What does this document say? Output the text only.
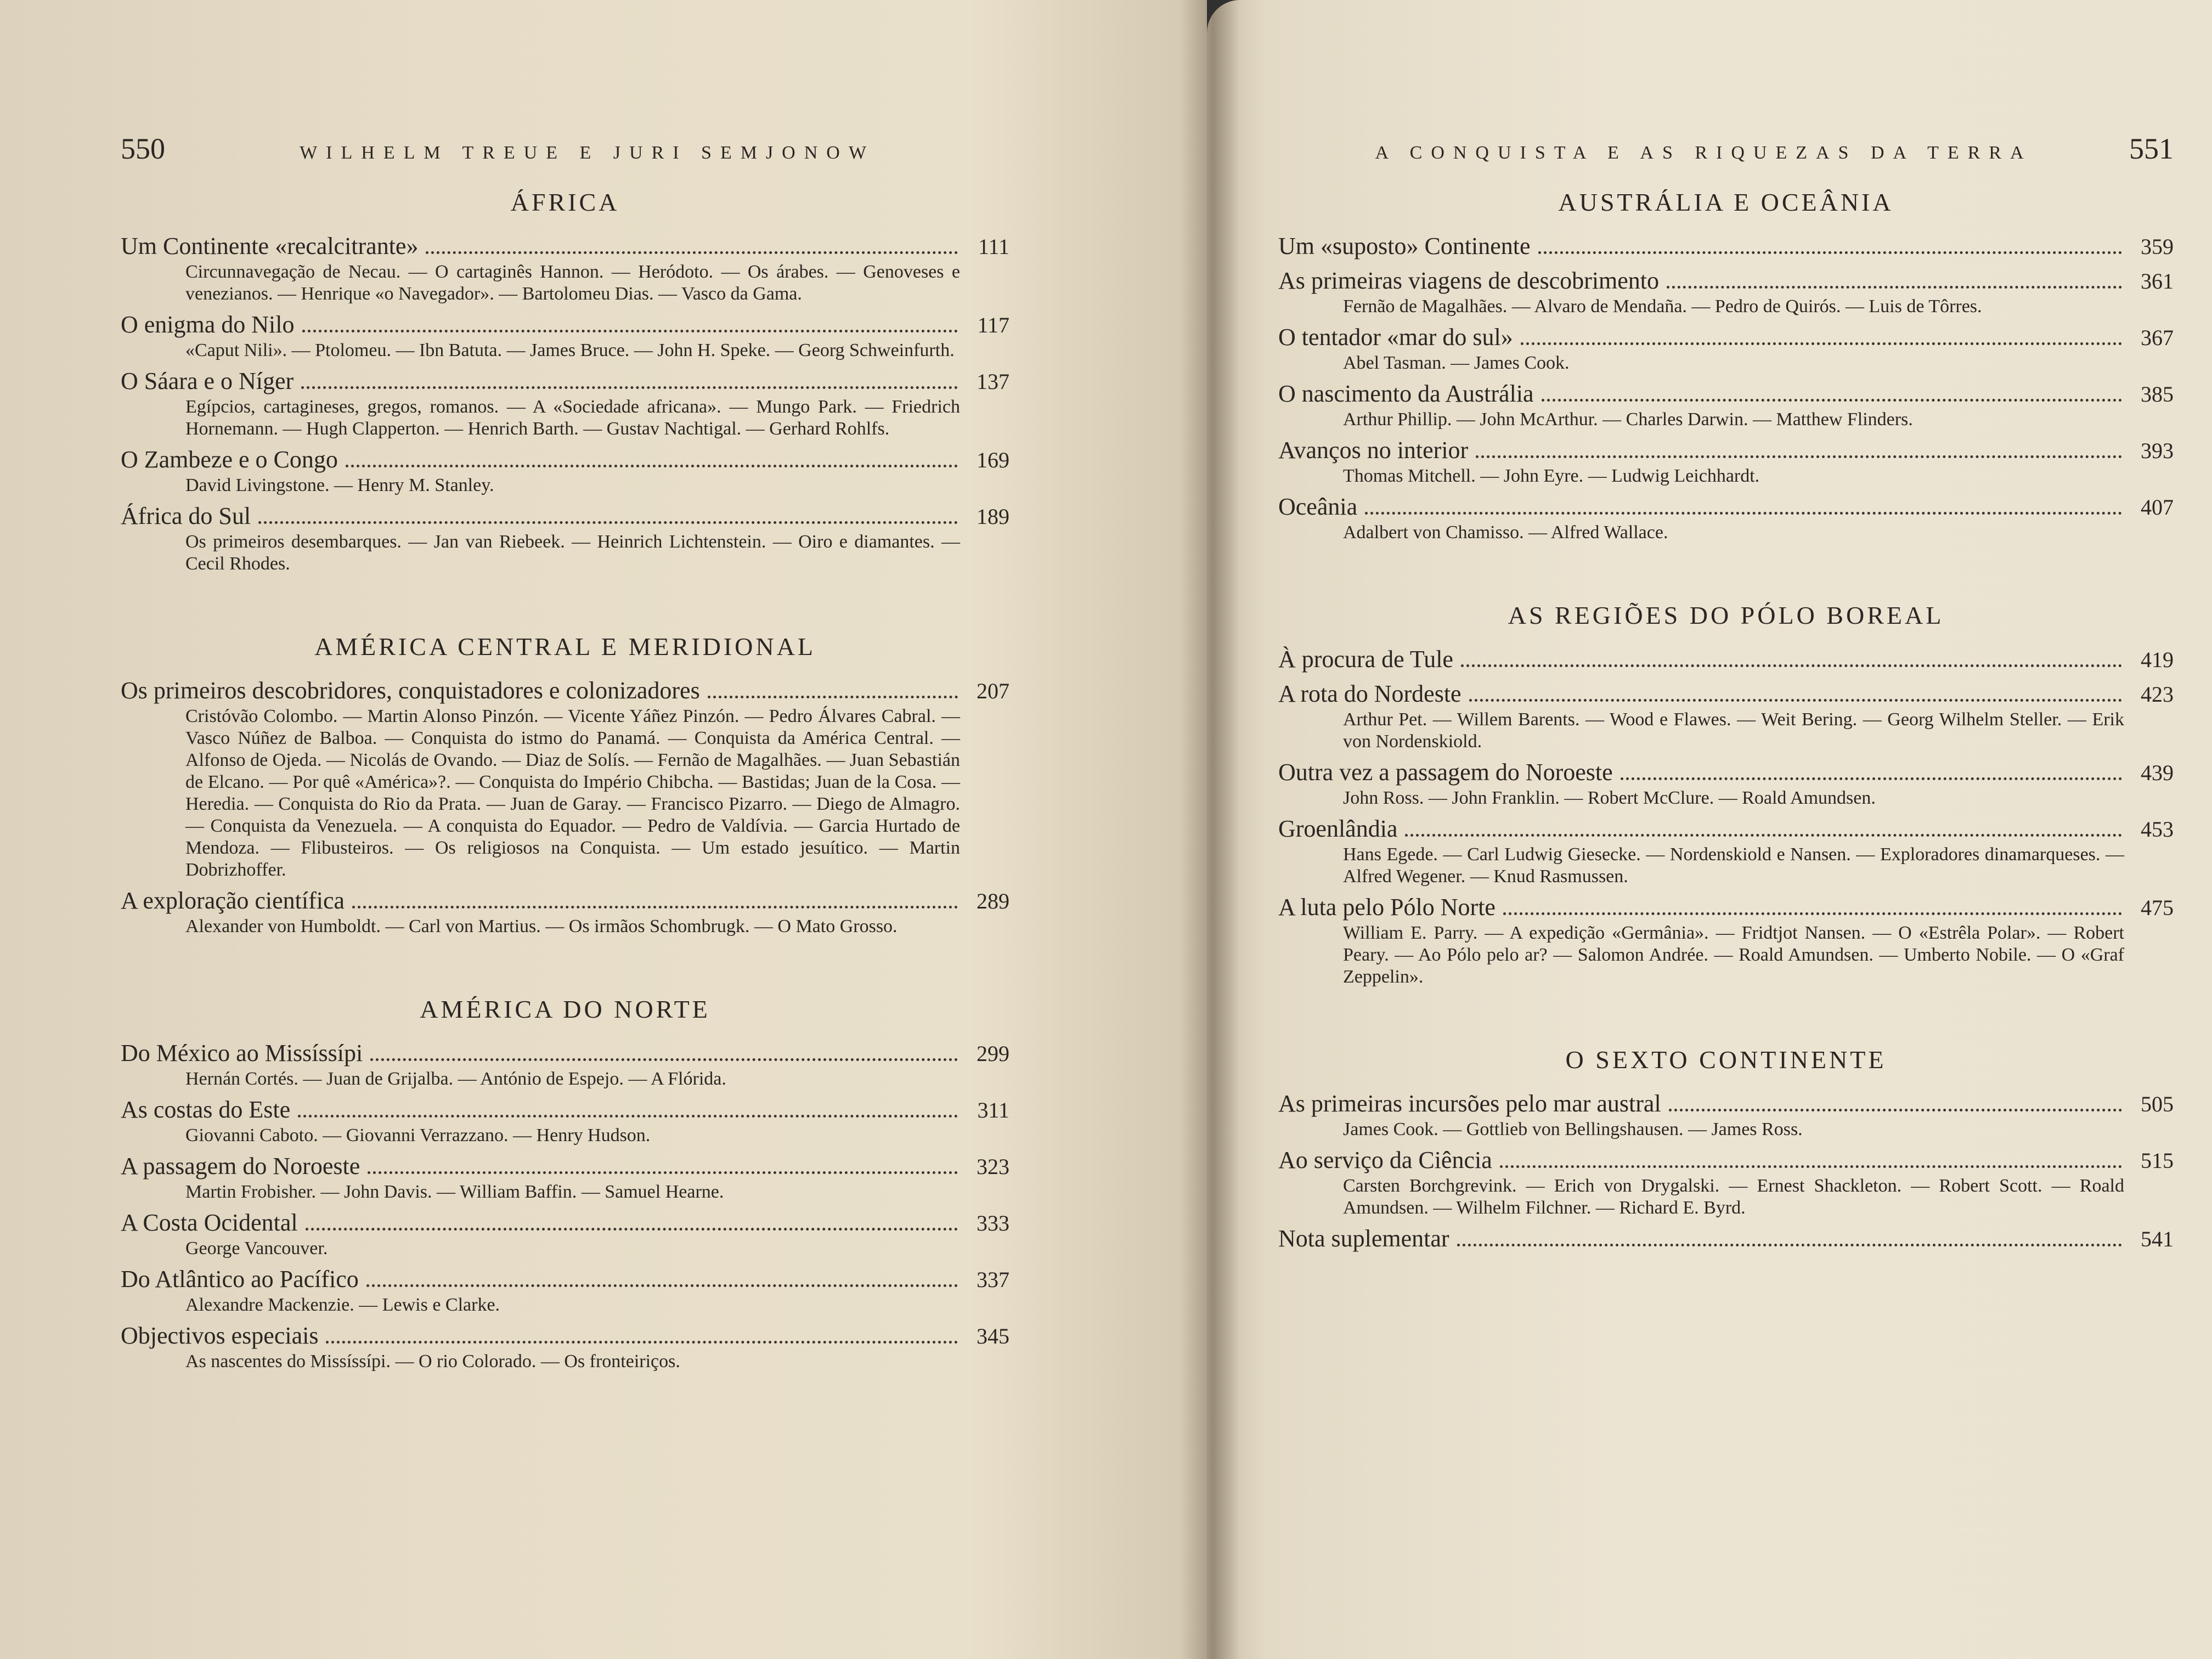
550	WILHELM TREUE E JURI SEMJONOW
ÁFRICA
Um Continente «recalcitrante»	111
Circunnavegação de Necau. — O cartaginês Hannon. — Heródoto. — Os árabes. — Genoveses e venezianos. — Henrique «o Navegador». — Bartolomeu Dias. — Vasco da Gama.
O enigma do Nilo	117
«Caput Nili». — Ptolomeu. — Ibn Batuta. — James Bruce. — John H. Speke. — Georg Schweinfurth.
O Sáara e o Níger	137
Egípcios, cartagineses, gregos, romanos. — A «Sociedade africana». — Mungo Park. — Friedrich Hornemann. — Hugh Clapperton. — Henrich Barth. — Gustav Nachtigal. — Gerhard Rohlfs.
O Zambeze e o Congo	169
David Livingstone. — Henry M. Stanley.
África do Sul	189
Os primeiros desembarques. — Jan van Riebeek. — Heinrich Lichtenstein. — Oiro e diamantes. — Cecil Rhodes.
AMÉRICA CENTRAL E MERIDIONAL
Os primeiros descobridores, conquistadores e colonizadores	207
Cristóvão Colombo. — Martin Alonso Pinzón. — Vicente Yáñez Pinzón. — Pedro Álvares Cabral. — Vasco Núñez de Balboa. — Conquista do istmo do Panamá. — Conquista da América Central. — Alfonso de Ojeda. — Nicolás de Ovando. — Diaz de Solís. — Fernão de Magalhães. — Juan Sebastián de Elcano. — Por quê «América»?. — Conquista do Império Chibcha. — Bastidas; Juan de la Cosa. — Heredia. — Conquista do Rio da Prata. — Juan de Garay. — Francisco Pizarro. — Diego de Almagro. — Conquista da Venezuela. — A conquista do Equador. — Pedro de Valdívia. — Garcia Hurtado de Mendoza. — Flibusteiros. — Os religiosos na Conquista. — Um estado jesuítico. — Martin Dobrizhoffer.
A exploração científica	289
Alexander von Humboldt. — Carl von Martius. — Os irmãos Schombrugk. — O Mato Grosso.
AMÉRICA DO NORTE
Do México ao Missíssípi	299
Hernán Cortés. — Juan de Grijalba. — António de Espejo. — A Flórida.
As costas do Este	311
Giovanni Caboto. — Giovanni Verrazzano. — Henry Hudson.
A passagem do Noroeste	323
Martin Frobisher. — John Davis. — William Baffin. — Samuel Hearne.
A Costa Ocidental	333
George Vancouver.
Do Atlântico ao Pacífico	337
Alexandre Mackenzie. — Lewis e Clarke.
Objectivos especiais	345
As nascentes do Missíssípi. — O rio Colorado. — Os fronteiriços.
A CONQUISTA E AS RIQUEZAS DA TERRA	551
AUSTRÁLIA E OCEÂNIA
Um «suposto» Continente	359
As primeiras viagens de descobrimento	361
Fernão de Magalhães. — Alvaro de Mendaña. — Pedro de Quirós. — Luis de Tôrres.
O tentador «mar do sul»	367
Abel Tasman. — James Cook.
O nascimento da Austrália	385
Arthur Phillip. — John McArthur. — Charles Darwin. — Matthew Flinders.
Avanços no interior	393
Thomas Mitchell. — John Eyre. — Ludwig Leichhardt.
Oceânia	407
Adalbert von Chamisso. — Alfred Wallace.
AS REGIÕES DO PÓLO BOREAL
À procura de Tule	419
A rota do Nordeste	423
Arthur Pet. — Willem Barents. — Wood e Flawes. — Weit Bering. — Georg Wilhelm Steller. — Erik von Nordenskiold.
Outra vez a passagem do Noroeste	439
John Ross. — John Franklin. — Robert McClure. — Roald Amundsen.
Groenlândia	453
Hans Egede. — Carl Ludwig Giesecke. — Nordenskiold e Nansen. — Exploradores dinamarqueses. — Alfred Wegener. — Knud Rasmussen.
A luta pelo Pólo Norte	475
William E. Parry. — A expedição «Germânia». — Fridtjot Nansen. — O «Estrêla Polar». — Robert Peary. — Ao Pólo pelo ar? — Salomon Andrée. — Roald Amundsen. — Umberto Nobile. — O «Graf Zeppelin».
O SEXTO CONTINENTE
As primeiras incursões pelo mar austral	505
James Cook. — Gottlieb von Bellingshausen. — James Ross.
Ao serviço da Ciência	515
Carsten Borchgrevink. — Erich von Drygalski. — Ernest Shackleton. — Robert Scott. — Roald Amundsen. — Wilhelm Filchner. — Richard E. Byrd.
Nota suplementar	541
